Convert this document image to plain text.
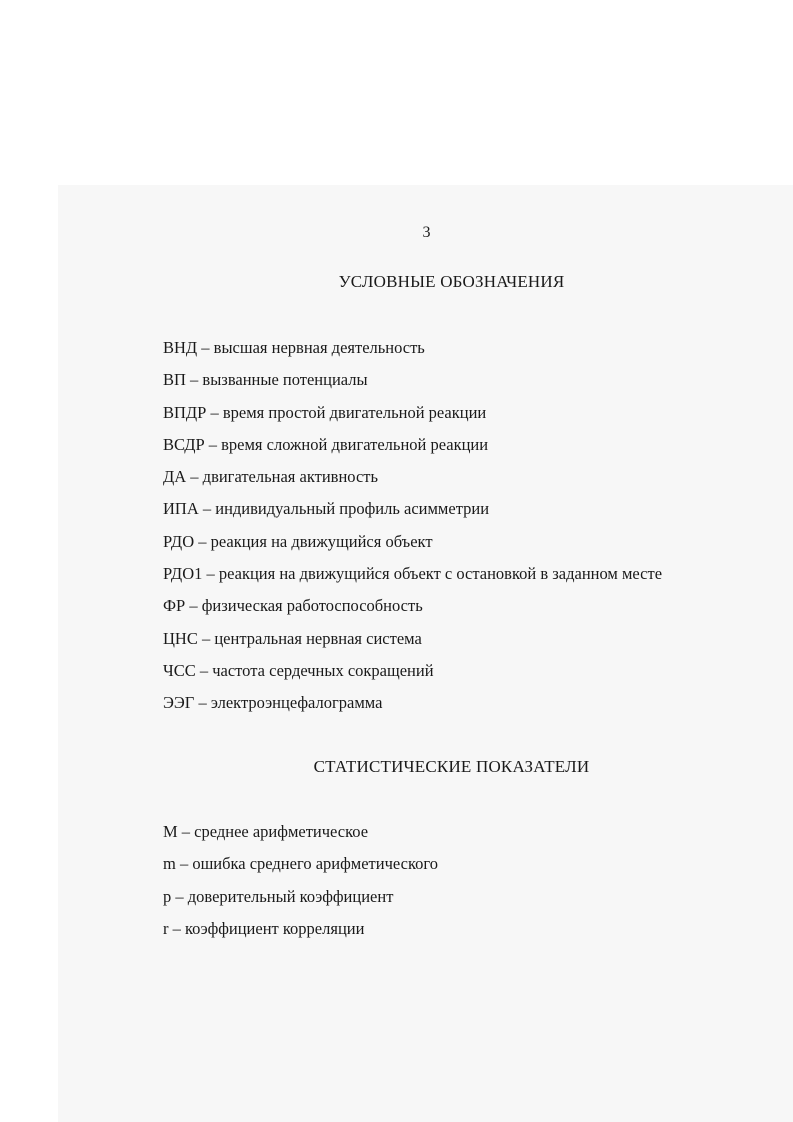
3
УСЛОВНЫЕ ОБОЗНАЧЕНИЯ
ВНД – высшая нервная деятельность
ВП – вызванные потенциалы
ВПДР – время простой двигательной реакции
ВСДР – время сложной двигательной реакции
ДА – двигательная активность
ИПА – индивидуальный профиль асимметрии
РДО – реакция на движущийся объект
РДО1 – реакция на движущийся объект с остановкой в заданном месте
ФР – физическая работоспособность
ЦНС – центральная нервная система
ЧСС – частота сердечных сокращений
ЭЭГ – электроэнцефалограмма
СТАТИСТИЧЕСКИЕ ПОКАЗАТЕЛИ
M – среднее арифметическое
m – ошибка среднего арифметического
p – доверительный коэффициент
r – коэффициент корреляции
